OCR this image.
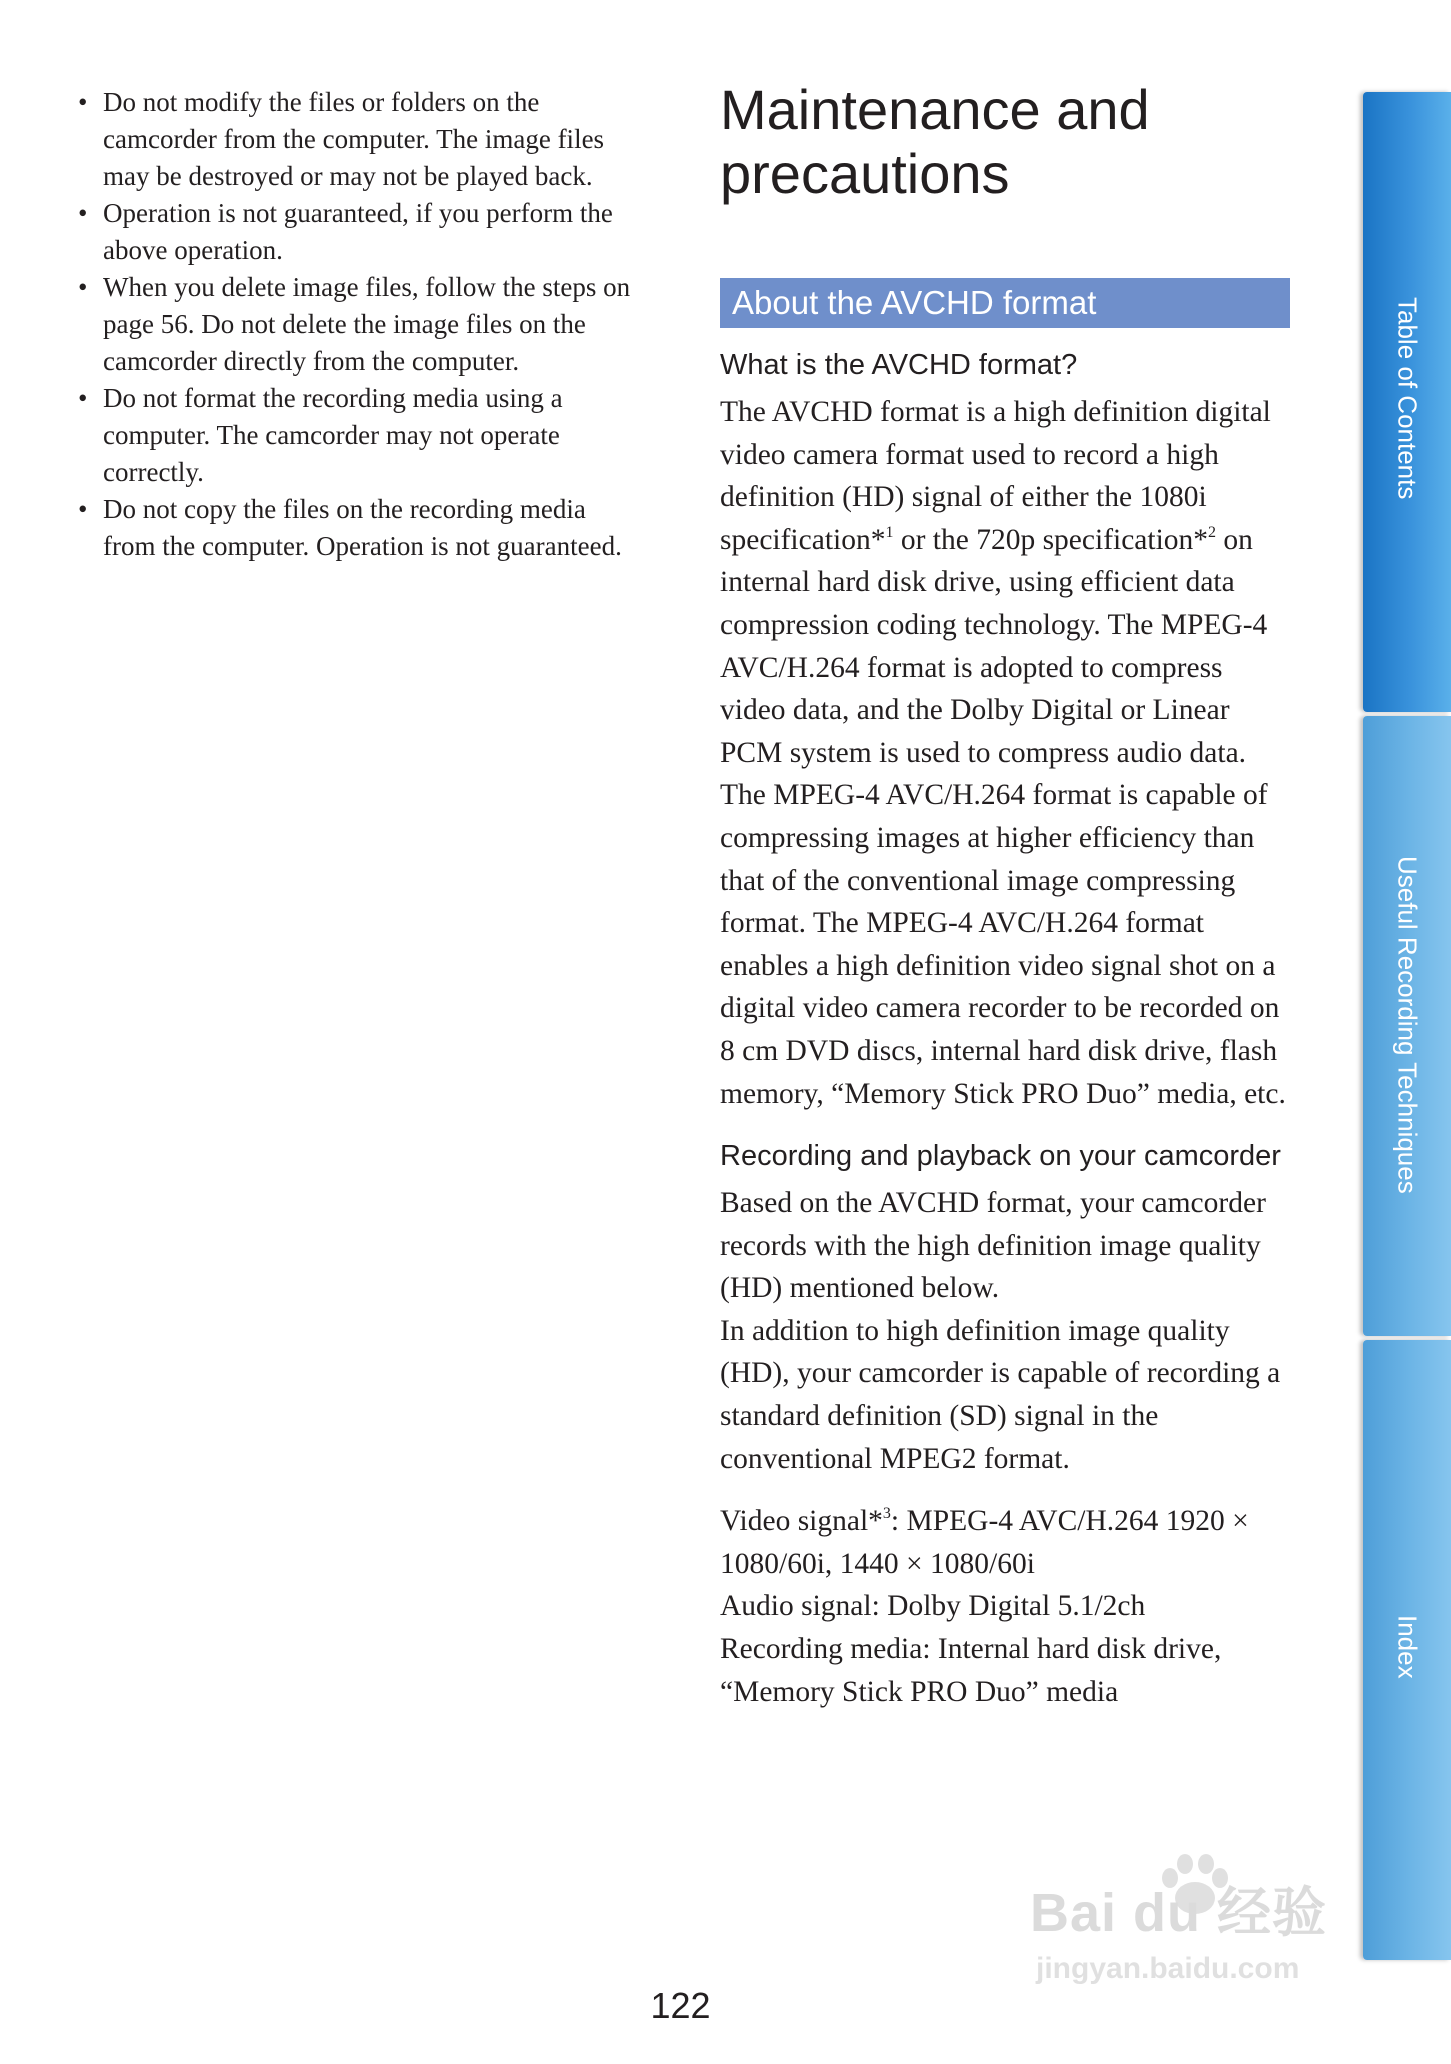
• Do not modify the files or folders on the camcorder from the computer. The image files may be destroyed or may not be played back.
• Operation is not guaranteed, if you perform the above operation.
• When you delete image files, follow the steps on page 56. Do not delete the image files on the camcorder directly from the computer.
• Do not format the recording media using a computer. The camcorder may not operate correctly.
• Do not copy the files on the recording media from the computer. Operation is not guaranteed.
Maintenance and
precautions
About the AVCHD format
What is the AVCHD format?

The AVCHD format is a high definition digital video camera format used to record a high definition (HD) signal of either the 1080i specification*$^1$ or the 720p specification*$^2$ on internal hard disk drive, using efficient data compression coding technology. The MPEG-4 AVC/H.264 format is adopted to compress video data, and the Dolby Digital or Linear PCM system is used to compress audio data.

The MPEG-4 AVC/H.264 format is capable of compressing images at higher efficiency than that of the conventional image compressing format. The MPEG-4 AVC/H.264 format enables a high definition video signal shot on a digital video camera recorder to be recorded on 8 cm DVD discs, internal hard disk drive, flash memory, “Memory Stick PRO Duo” media, etc.

Recording and playback on your camcorder

Based on the AVCHD format, your camcorder records with the high definition image quality (HD) mentioned below.

In addition to high definition image quality (HD), your camcorder is capable of recording a standard definition (SD) signal in the conventional MPEG2 format.

Video signal*$^3$: MPEG-4 AVC/H.264 1920 × 1080/60i, 1440 × 1080/60i
Audio signal: Dolby Digital 5.1/2ch
Recording media: Internal hard disk drive, “Memory Stick PRO Duo” media

122
Table of Contents
Useful Recording Techniques
Index
Bai du 经验
jingyan.baidu.com
